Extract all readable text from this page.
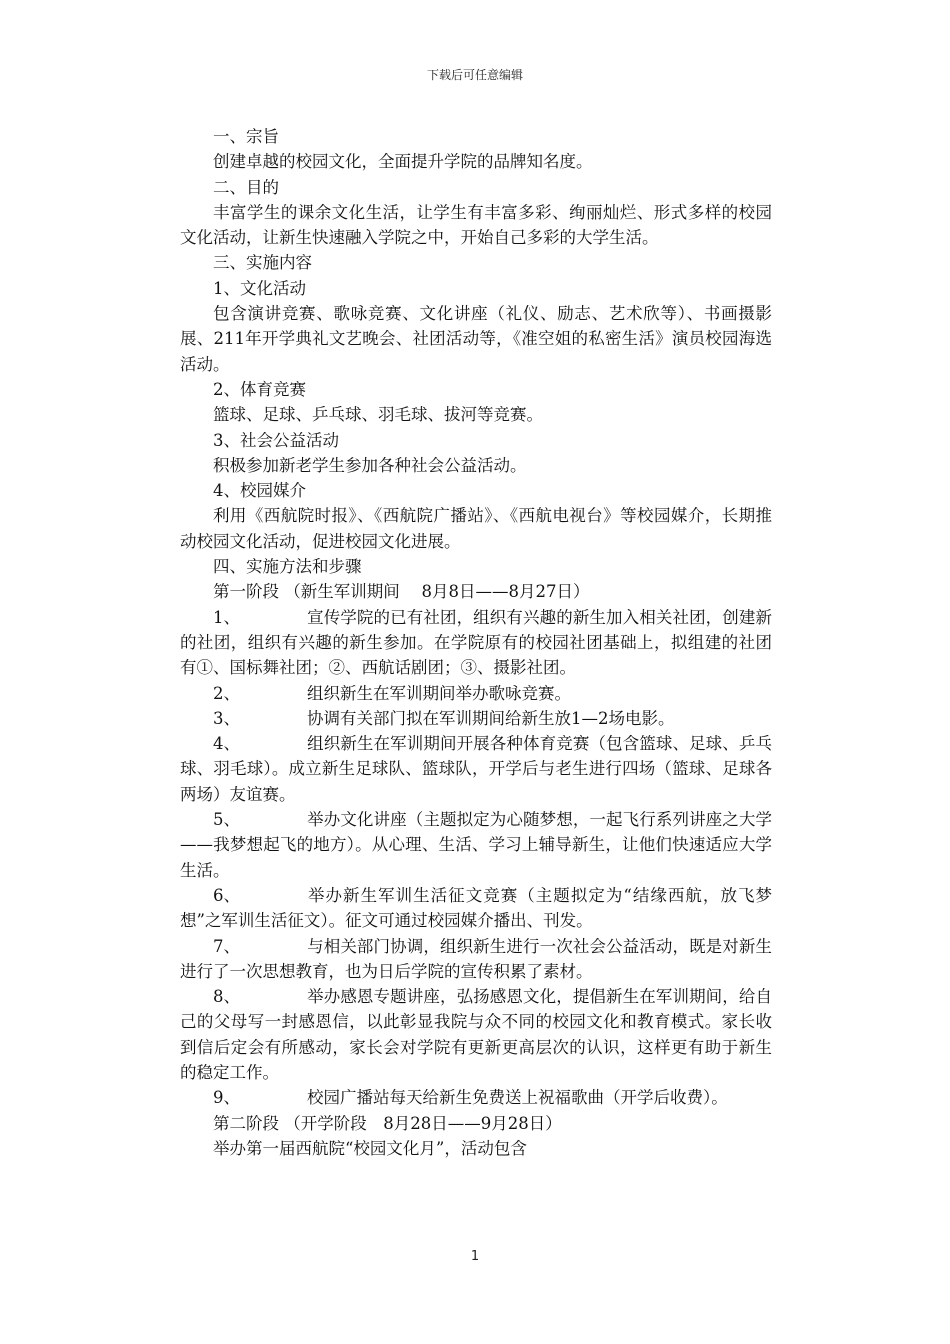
下载后可任意编辑

一、宗旨

创建卓越的校园文化，全面提升学院的品牌知名度。

二、目的

丰富学生的课余文化生活，让学生有丰富多彩、绚丽灿烂、形式多样的校园文化活动，让新生快速融入学院之中，开始自己多彩的大学生活。

三、实施内容

1、文化活动

包含演讲竞赛、歌咏竞赛、文化讲座（礼仪、励志、艺术欣等）、书画摄影展、211年开学典礼文艺晚会、社团活动等，《准空姐的私密生活》演员校园海选活动。

2、体育竞赛

篮球、足球、乒乓球、羽毛球、拔河等竞赛。

3、社会公益活动

积极参加新老学生参加各种社会公益活动。

4、校园媒介

利用《西航院时报》、《西航院广播站》、《西航电视台》等校园媒介，长期推动校园文化活动，促进校园文化进展。

四、实施方法和步骤

第一阶段 （新生军训期间　 8月8日——8月27日）

1、	宣传学院的已有社团，组织有兴趣的新生加入相关社团，创建新的社团，组织有兴趣的新生参加。在学院原有的校园社团基础上，拟组建的社团有①、国标舞社团；②、西航话剧团；③、摄影社团。

2、	组织新生在军训期间举办歌咏竞赛。

3、	协调有关部门拟在军训期间给新生放1—2场电影。

4、	组织新生在军训期间开展各种体育竞赛（包含篮球、足球、乒乓球、羽毛球）。成立新生足球队、篮球队，开学后与老生进行四场（篮球、足球各两场）友谊赛。

5、	举办文化讲座（主题拟定为心随梦想，一起飞行系列讲座之大学——我梦想起飞的地方）。从心理、生活、学习上辅导新生，让他们快速适应大学生活。

6、	举办新生军训生活征文竞赛（主题拟定为“结缘西航，放飞梦想”之军训生活征文）。征文可通过校园媒介播出、刊发。

7、	与相关部门协调，组织新生进行一次社会公益活动，既是对新生进行了一次思想教育，也为日后学院的宣传积累了素材。

8、	举办感恩专题讲座，弘扬感恩文化，提倡新生在军训期间，给自己的父母写一封感恩信，以此彰显我院与众不同的校园文化和教育模式。家长收到信后定会有所感动，家长会对学院有更新更高层次的认识，这样更有助于新生的稳定工作。

9、	校园广播站每天给新生免费送上祝福歌曲（开学后收费）。

第二阶段 （开学阶段　8月28日——9月28日）

举办第一届西航院“校园文化月”，活动包含

1
